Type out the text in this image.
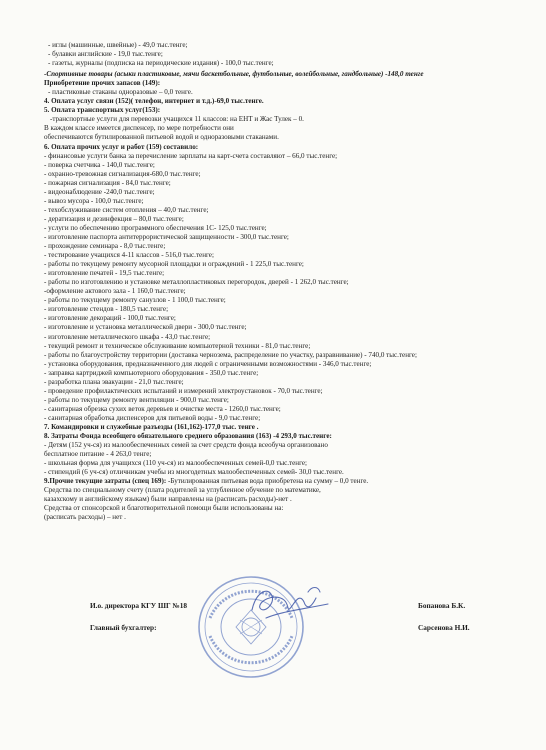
- иглы (машинные, швейные) - 49,0 тыс.тенге;
- булавки английские - 19,0 тыс.тенге;
- газеты, журналы (подписка на периодические издания) - 100,0 тыс.тенге;
-Спортивные товары (асыки пластиковые, мячи баскетбольные, футбольные, волейбольные, гандбольные) -148,0 тенге
Приобретение прочих запасов (149):
- пластиковые стаканы одноразовые – 0,0 тенге.
4. Оплата услуг связи (152)( телефон, интернет и т.д.)-69,0 тыс.тенге.
5. Оплата транспортных услуг(153):
-транспортные услуги для перевозки учащихся 11 классов: на ЕНТ и Жас Тулек – 0.
В каждом классе имеется диспенсер, по мере потребности они
обеспечиваются бутилированной питьевой водой и одноразовыми стаканами.
6. Оплата прочих услуг и работ (159) составило:
- финансовые услуги банка за перечисление зарплаты на карт-счета составляют – 66,0 тыс.тенге;
- поверка счетчика - 140,0 тыс.тенге;
- охранно-тревожная сигнализация-680,0 тыс.тенге;
- пожарная сигнализация - 84,0 тыс.тенге;
- видеонаблюдение -240,0 тыс.тенге;
- вывоз мусора - 100,0 тыс.тенге;
- техобслуживание систем отопления – 40,0 тыс.тенге;
- дератизация и дезинфекция – 80,0 тыс.тенге;
- услуги по обеспечению программного обеспечения 1С- 125,0 тыс.тенге;
- изготовление паспорта антитеррористической защищенности - 300,0 тыс.тенге;
- прохождение семинара - 8,0 тыс.тенге;
- тестирование учащихся 4-11 классов - 516,0 тыс.тенге;
- работы по текущему ремонту мусорной площадки и ограждений - 1 225,0 тыс.тенге;
- изготовление печатей - 19,5 тыс.тенге;
- работы по изготовлению и установке металлопластиковых перегородок, дверей - 1 262,0 тыс.тенге;
-оформление актового зала - 1 160,0 тыс.тенге;
- работы по текущему ремонту санузлов - 1 100,0 тыс.тенге;
- изготовление стендов - 180,5 тыс.тенге;
- изготовление декораций - 100,0 тыс.тенге;
- изготовление и установка металлической двери - 300,0 тыс.тенге;
- изготовление металлического шкафа - 43,0 тыс.тенге;
- текущий ремонт и техническое обслуживание компьютерной техники - 81,0 тыс.тенге;
- работы по благоустройству территории (доставка чернозема, распределение по участку, разравнивание) - 740,0 тыс.тенге;
- установка оборудования, предназначенного для людей с ограниченными возможностями - 346,0 тыс.тенге;
- заправка картриджей компьютерного оборудования - 350,0 тыс.тенге;
- разработка плана эвакуации - 21,0 тыс.тенге;
- проведение профилактических испытаний и измерений электроустановок - 70,0 тыс.тенге;
- работы по текущему ремонту вентиляции - 900,0 тыс.тенге;
- санитарная обрезка сухих веток деревьев и очистке места - 1260,0 тыс.тенге;
- санитарная обработка диспенсеров для питьевой воды - 9,0 тыс.тенге;
7. Командировки и служебные разъезды (161,162)-177,0 тыс. тенге .
8. Затраты Фонда всеобщего обязательного среднего образования (163) -4 293,0 тыс.тенге:
- Детям (152 уч-ся) из малообеспеченных семей за счет средств фонда всеобуча организовано
бесплатное питание - 4 263,0 тенге;
- школьная форма для учащихся (110 уч-ся) из малообеспеченных семей-0,0 тыс.тенге;
- стипендий (6 уч-ся) отличникам учебы из многодетных малообеспеченных семей- 30,0 тыс.тенге.
9.Прочие текущие затраты (спец 169): -Бутилированная питьевая вода приобретена на сумму – 0,0 тенге.
Средства по специальному счету (плата родителей за углубленное обучение по математике,
казахскому и английскому языкам) были направлены на (расписать расходы)-нет .
Средства от спонсорской и благотворительной помощи были использованы на:
(расписать расходы) – нет .
И.о. директора КГУ ШГ №18	Бопанова Б.К.
Главный бухгалтер:	Сарсенова Н.И.
